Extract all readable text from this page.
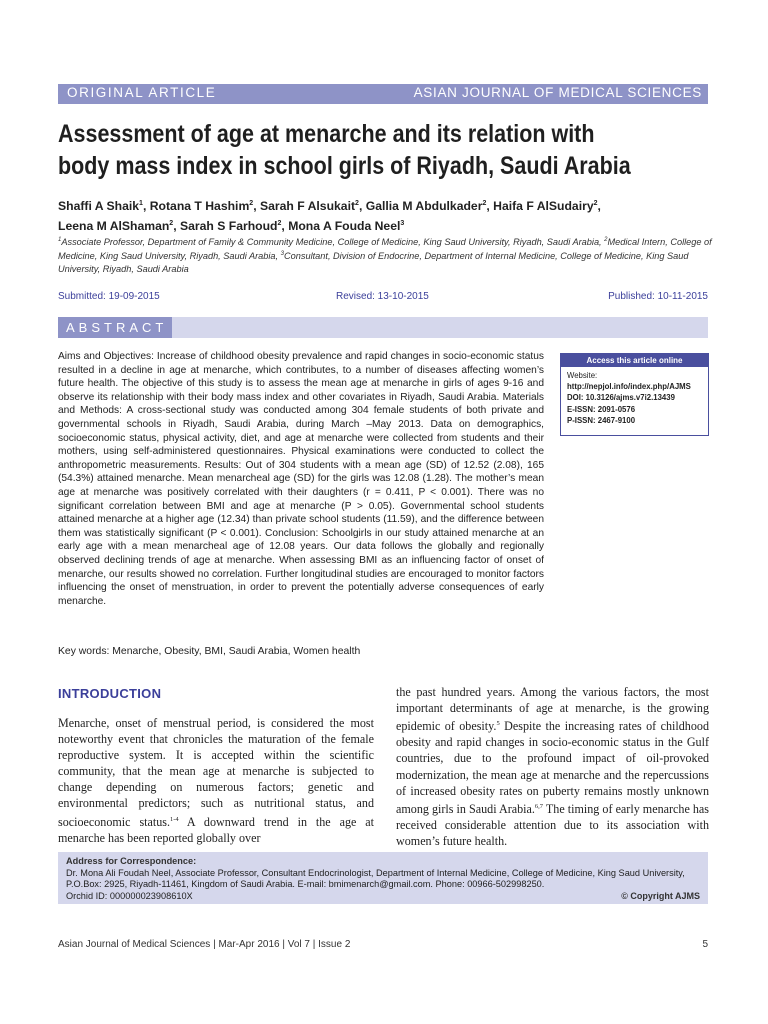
ORIGINAL ARTICLE	ASIAN JOURNAL OF MEDICAL SCIENCES
Assessment of age at menarche and its relation with
body mass index in school girls of Riyadh, Saudi Arabia
Shaffi A Shaik$^1$, Rotana T Hashim$^2$, Sarah F Alsukait$^2$, Gallia M Abdulkader$^2$, Haifa F AlSudairy$^2$,
Leena M AlShaman$^2$, Sarah S Farhoud$^2$, Mona A Fouda Neel$^3$
$^1$Associate Professor, Department of Family & Community Medicine, College of Medicine, King Saud University, Riyadh, Saudi Arabia, $^2$Medical Intern, College of Medicine, King Saud University, Riyadh, Saudi Arabia, $^3$Consultant, Division of Endocrine, Department of Internal Medicine, College of Medicine, King Saud University, Riyadh, Saudi Arabia
Submitted: 19-09-2015	Revised: 13-10-2015	Published: 10-11-2015
ABSTRACT
Aims and Objectives: Increase of childhood obesity prevalence and rapid changes in socio-economic status resulted in a decline in age at menarche, which contributes, to a number of diseases affecting women’s future health. The objective of this study is to assess the mean age at menarche in girls of ages 9-16 and observe its relationship with their body mass index and other covariates in Riyadh, Saudi Arabia. Materials and Methods: A cross-sectional study was conducted among 304 female students of both private and governmental schools in Riyadh, Saudi Arabia, during March –May 2013. Data on demographics, socioeconomic status, physical activity, diet, and age at menarche were collected from students and their mothers, using self-administered questionnaires. Physical examinations were conducted to collect the anthropometric measurements. Results: Out of 304 students with a mean age (SD) of 12.52 (2.08), 165 (54.3%) attained menarche. Mean menarcheal age (SD) for the girls was 12.08 (1.28). The mother’s mean age at menarche was positively correlated with their daughters (r = 0.411, P < 0.001). There was no significant correlation between BMI and age at menarche (P > 0.05). Governmental school students attained menarche at a higher age (12.34) than private school students (11.59), and the difference between them was statistically significant (P < 0.001). Conclusion: Schoolgirls in our study attained menarche at an early age with a mean menarcheal age of 12.08 years. Our data follows the globally and regionally observed declining trends of age at menarche. When assessing BMI as an influencing factor of onset of menarche, our results showed no correlation. Further longitudinal studies are encouraged to monitor factors influencing the onset of menstruation, in order to prevent the potentially adverse consequences of early menarche.
Key words: Menarche, Obesity, BMI, Saudi Arabia, Women health
Access this article online
Website:
http://nepjol.info/index.php/AJMS
DOI: 10.3126/ajms.v7i2.13439
E-ISSN: 2091-0576
P-ISSN: 2467-9100
INTRODUCTION
Menarche, onset of menstrual period, is considered the most noteworthy event that chronicles the maturation of the female reproductive system. It is accepted within the scientific community, that the mean age at menarche is subjected to change depending on numerous factors; genetic and environmental predictors; such as nutritional status, and socioeconomic status.$^{1-4}$ A downward trend in the age at menarche has been reported globally over
the past hundred years. Among the various factors, the most important determinants of age at menarche, is the growing epidemic of obesity.$^5$ Despite the increasing rates of childhood obesity and rapid changes in socio-economic status in the Gulf countries, due to the profound impact of oil-provoked modernization, the mean age at menarche and the repercussions of increased obesity rates on puberty remains mostly unknown among girls in Saudi Arabia.$^{6,7}$ The timing of early menarche has received considerable attention due to its association with women’s future health.
Address for Correspondence:
Dr. Mona Ali Foudah Neel, Associate Professor, Consultant Endocrinologist, Department of Internal Medicine, College of Medicine, King Saud University, P.O.Box: 2925, Riyadh-11461, Kingdom of Saudi Arabia. E-mail: bmimenarch@gmail.com. Phone: 00966-502998250.
Orchid ID: 000000023908610X	© Copyright AJMS
Asian Journal of Medical Sciences | Mar-Apr 2016 | Vol 7 | Issue 2	5
